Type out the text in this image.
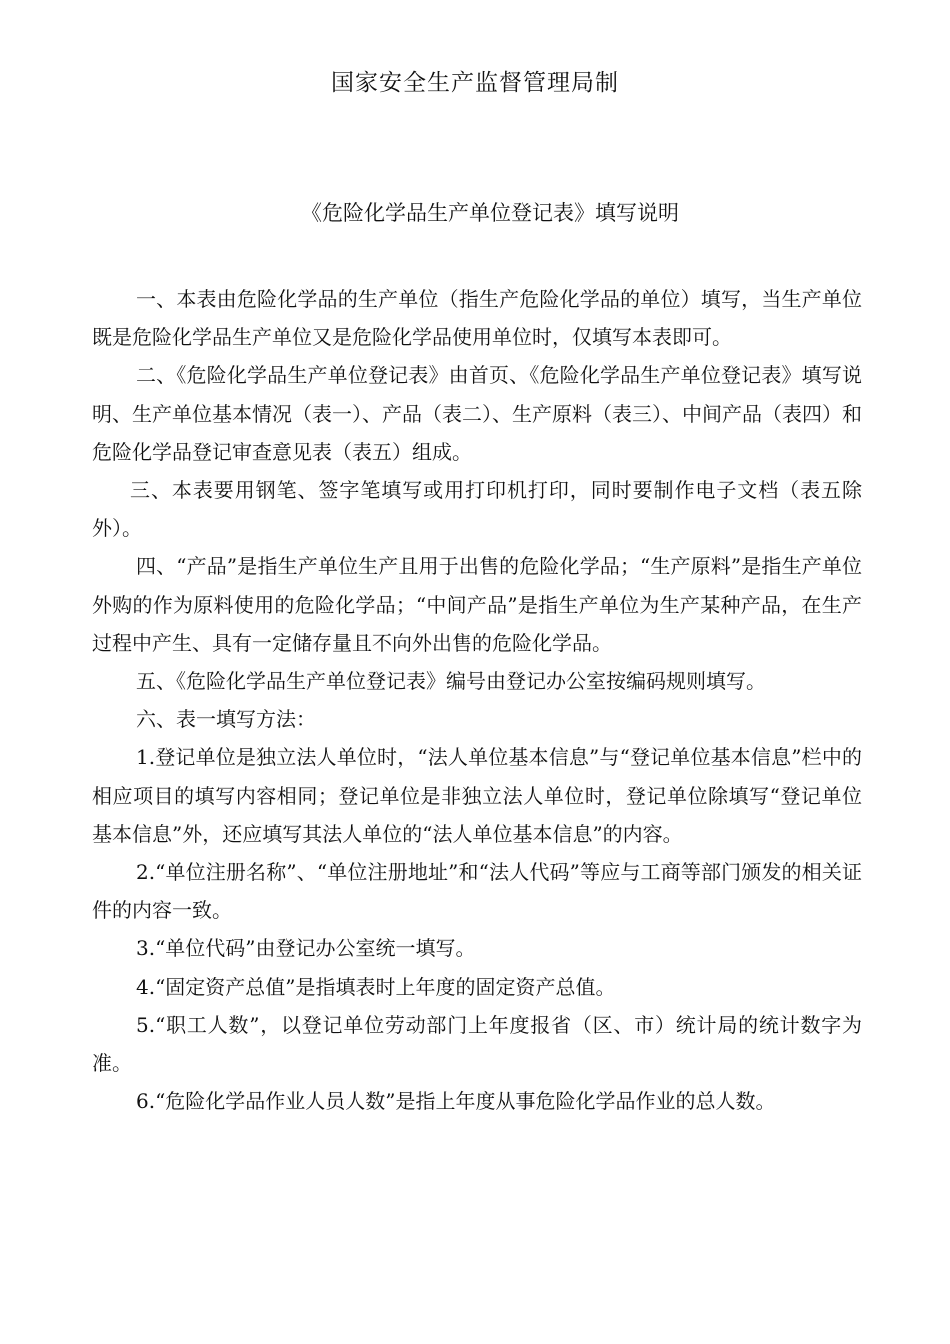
国家安全生产监督管理局制
《危险化学品生产单位登记表》填写说明

一、本表由危险化学品的生产单位（指生产危险化学品的单位）填写，当生产单位既是危险化学品生产单位又是危险化学品使用单位时，仅填写本表即可。

二、《危险化学品生产单位登记表》由首页、《危险化学品生产单位登记表》填写说明、生产单位基本情况（表一）、产品（表二）、生产原料（表三）、中间产品（表四）和危险化学品登记审查意见表（表五）组成。

三、本表要用钢笔、签字笔填写或用打印机打印，同时要制作电子文档（表五除外）。

四、“产品”是指生产单位生产且用于出售的危险化学品；“生产原料”是指生产单位外购的作为原料使用的危险化学品；“中间产品”是指生产单位为生产某种产品，在生产过程中产生、具有一定储存量且不向外出售的危险化学品。

五、《危险化学品生产单位登记表》编号由登记办公室按编码规则填写。

六、表一填写方法：

1.登记单位是独立法人单位时，“法人单位基本信息”与“登记单位基本信息”栏中的相应项目的填写内容相同；登记单位是非独立法人单位时，登记单位除填写“登记单位基本信息”外，还应填写其法人单位的“法人单位基本信息”的内容。

2.“单位注册名称”、“单位注册地址”和“法人代码”等应与工商等部门颁发的相关证件的内容一致。

3.“单位代码”由登记办公室统一填写。

4.“固定资产总值”是指填表时上年度的固定资产总值。

5.“职工人数”，以登记单位劳动部门上年度报省（区、市）统计局的统计数字为准。

6.“危险化学品作业人员人数”是指上年度从事危险化学品作业的总人数。
